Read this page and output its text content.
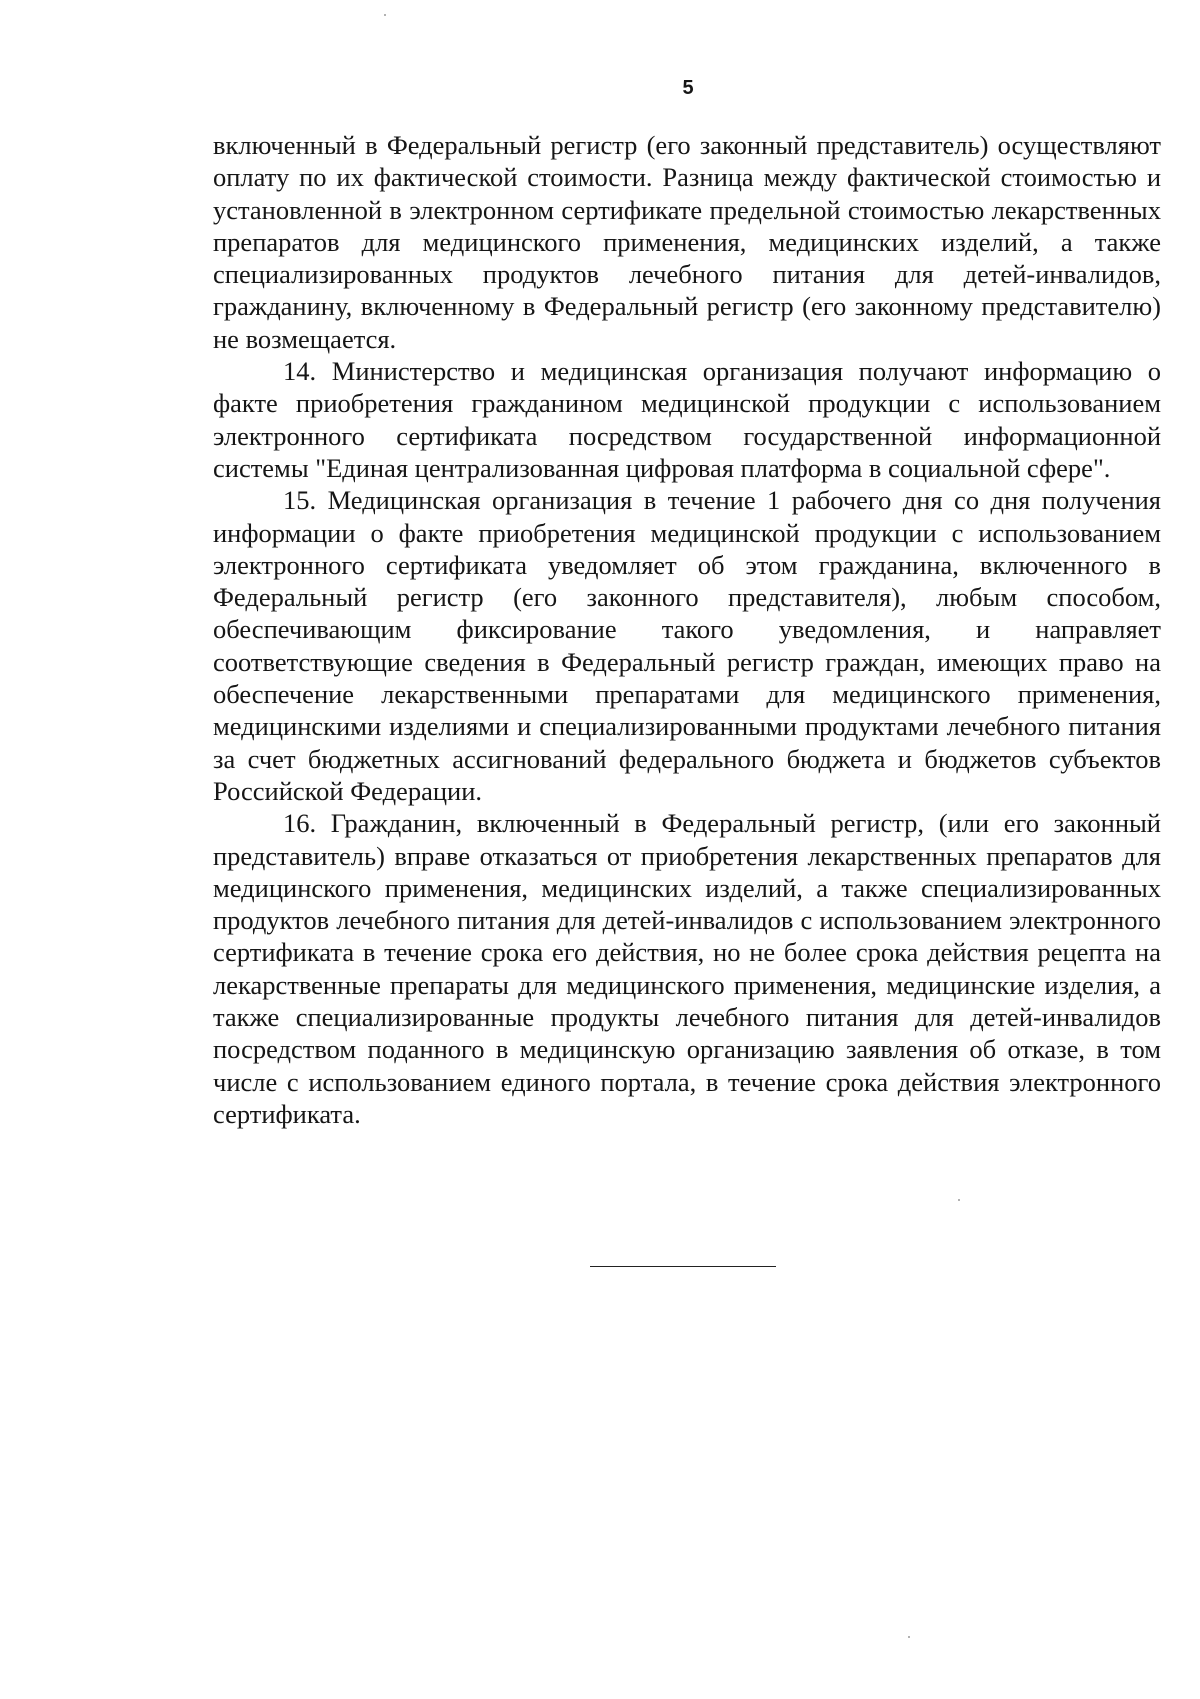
5

включенный в Федеральный регистр (его законный представитель) осуществляют оплату по их фактической стоимости. Разница между фактической стоимостью и установленной в электронном сертификате предельной стоимостью лекарственных препаратов для медицинского применения, медицинских изделий, а также специализированных продуктов лечебного питания для детей-инвалидов, гражданину, включенному в Федеральный регистр (его законному представителю) не возмещается.

14. Министерство и медицинская организация получают информацию о факте приобретения гражданином медицинской продукции с использованием электронного сертификата посредством государственной информационной системы "Единая централизованная цифровая платформа в социальной сфере".

15. Медицинская организация в течение 1 рабочего дня со дня получения информации о факте приобретения медицинской продукции с использованием электронного сертификата уведомляет об этом гражданина, включенного в Федеральный регистр (его законного представителя), любым способом, обеспечивающим фиксирование такого уведомления, и направляет соответствующие сведения в Федеральный регистр граждан, имеющих право на обеспечение лекарственными препаратами для медицинского применения, медицинскими изделиями и специализированными продуктами лечебного питания за счет бюджетных ассигнований федерального бюджета и бюджетов субъектов Российской Федерации.

16. Гражданин, включенный в Федеральный регистр, (или его законный представитель) вправе отказаться от приобретения лекарственных препаратов для медицинского применения, медицинских изделий, а также специализированных продуктов лечебного питания для детей-инвалидов с использованием электронного сертификата в течение срока его действия, но не более срока действия рецепта на лекарственные препараты для медицинского применения, медицинские изделия, а также специализированные продукты лечебного питания для детей-инвалидов посредством поданного в медицинскую организацию заявления об отказе, в том числе с использованием единого портала, в течение срока действия электронного сертификата.
